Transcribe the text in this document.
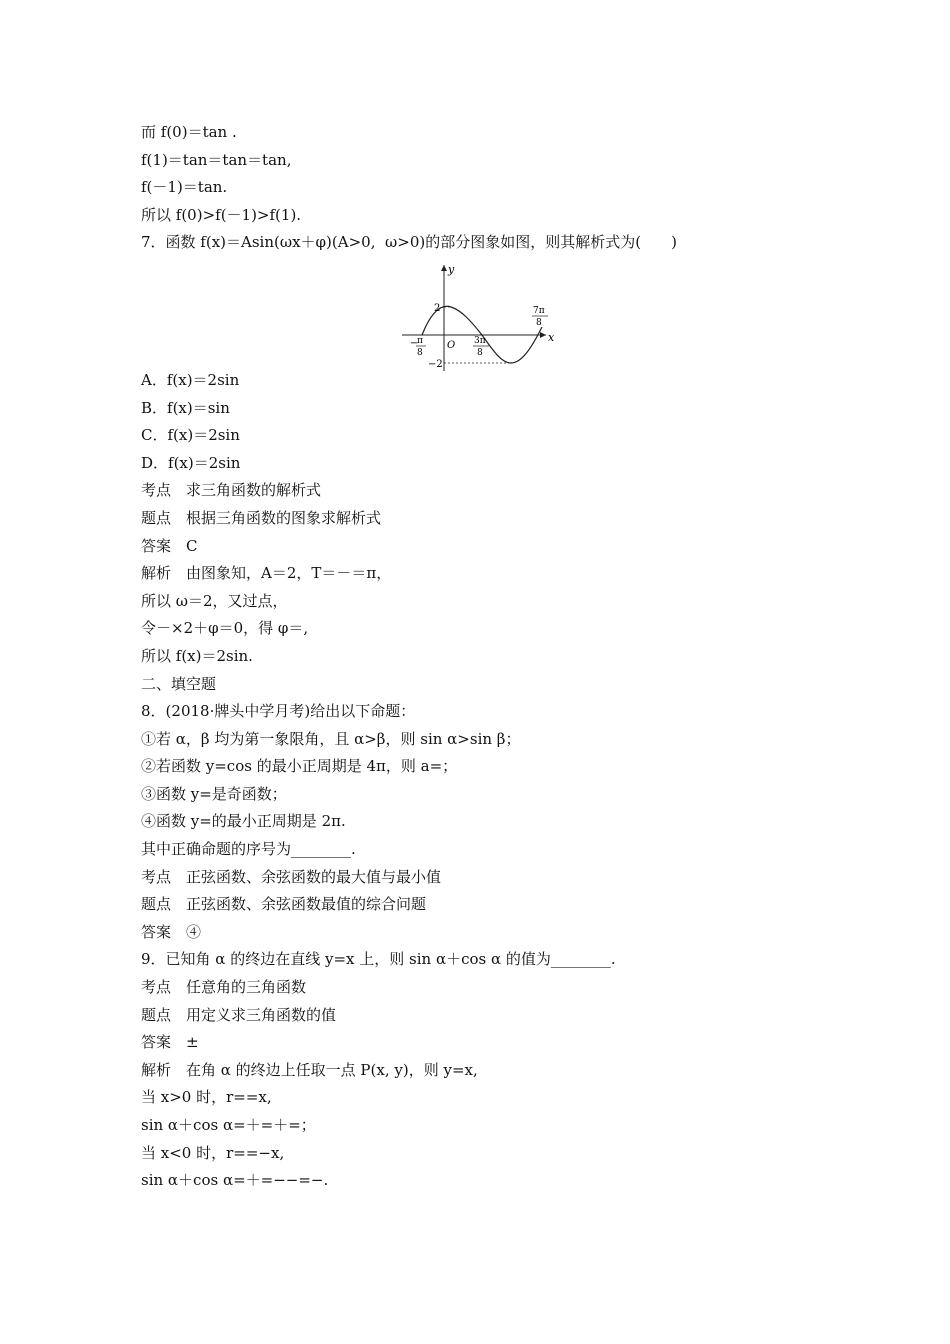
而 f(0)＝tan .
f(1)＝tan＝tan＝tan,
f(－1)＝tan.
所以 f(0)>f(－1)>f(1).
7．函数 f(x)＝Asin(ωx＋φ)(A>0,  ω>0)的部分图象如图，则其解析式为(　　)
y
x
O
2
−2
−
π
8
3π
8
7π
8
A．f(x)＝2sin
B．f(x)＝sin
C．f(x)＝2sin
D．f(x)＝2sin
考点　求三角函数的解析式
题点　根据三角函数的图象求解析式
答案　C
解析　由图象知，A＝2，T＝－＝π，
所以 ω＝2，又过点，
令－×2＋φ＝0，得 φ＝,
所以 f(x)＝2sin.
二、填空题
8．(2018·牌头中学月考)给出以下命题：
①若 α，β 均为第一象限角，且 α>β，则 sin α>sin β；
②若函数 y=cos 的最小正周期是 4π，则 a=；
③函数 y=是奇函数；
④函数 y=的最小正周期是 2π.
其中正确命题的序号为________.
考点　正弦函数、余弦函数的最大值与最小值
题点　正弦函数、余弦函数最值的综合问题
答案　④
9．已知角 α 的终边在直线 y=x 上，则 sin α＋cos α 的值为________.
考点　任意角的三角函数
题点　用定义求三角函数的值
答案　±
解析　在角 α 的终边上任取一点 P(x, y)，则 y=x,
当 x>0 时，r==x,
sin α＋cos α=＋=＋=；
当 x<0 时，r==−x,
sin α＋cos α=＋=−−=−.
